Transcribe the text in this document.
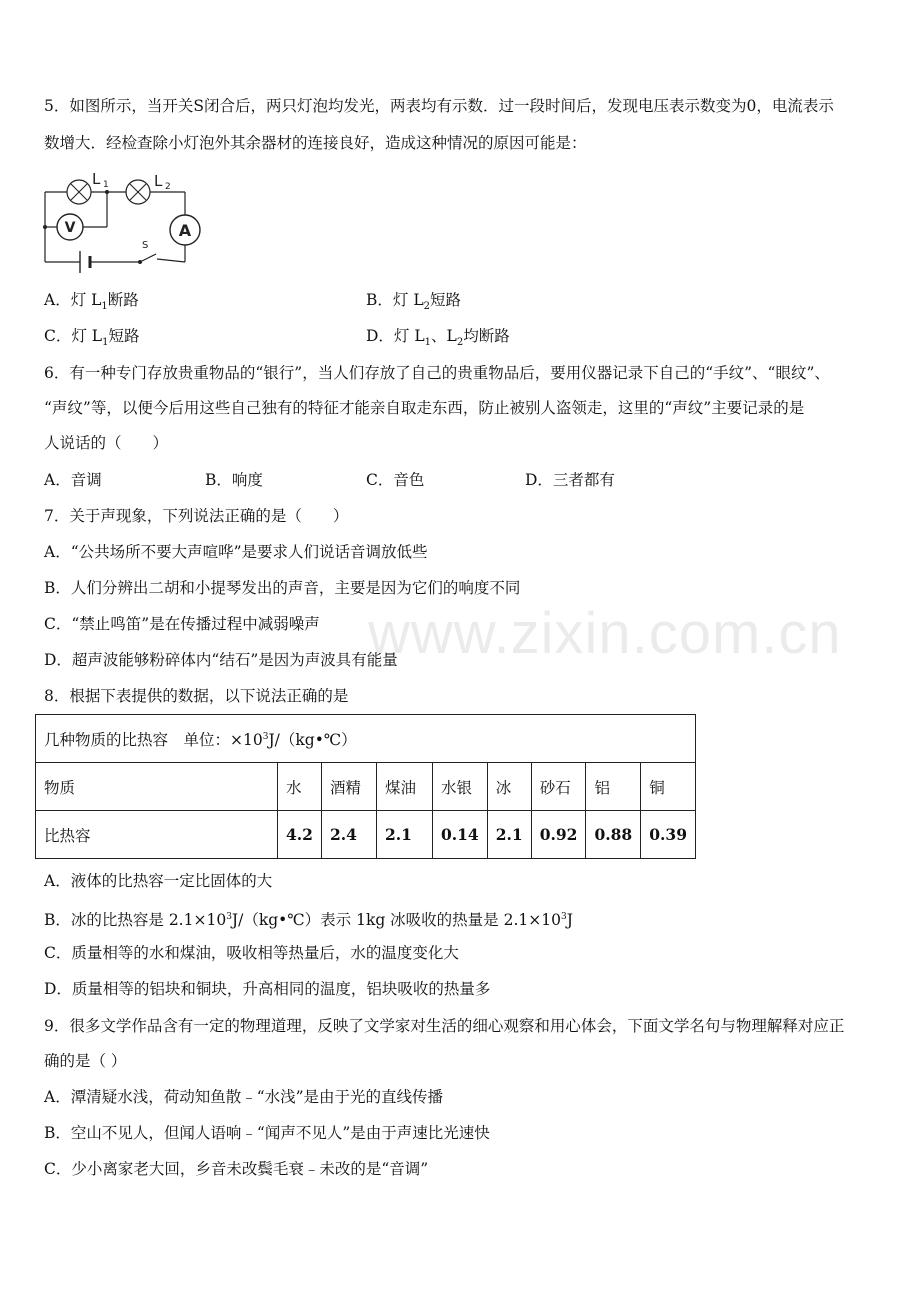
www.zixin.com.cn
5．如图所示，当开关S闭合后，两只灯泡均发光，两表均有示数．过一段时间后，发现电压表示数变为0，电流表示
数增大．经检查除小灯泡外其余器材的连接良好，造成这种情况的原因可能是：
L 1	L 2
V	A
S
A．灯 $L_1$断路	B．灯 $L_2$短路
C．灯 $L_1$短路	D．灯 $L_1$、$L_2$均断路
6．有一种专门存放贵重物品的“银行”，当人们存放了自己的贵重物品后，要用仪器记录下自己的“手纹”、“眼纹”、
“声纹”等，以便今后用这些自己独有的特征才能亲自取走东西，防止被别人盗领走，这里的“声纹”主要记录的是
人说话的（　　）
A．音调	B．响度	C．音色	D．三者都有
7．关于声现象，下列说法正确的是（　　）
A．“公共场所不要大声喧哗”是要求人们说话音调放低些
B．人们分辨出二胡和小提琴发出的声音，主要是因为它们的响度不同
C．“禁止鸣笛”是在传播过程中减弱噪声
D．超声波能够粉碎体内“结石”是因为声波具有能量
8．根据下表提供的数据，以下说法正确的是
几种物质的比热容　单位：$\times 10^3J/(kg•℃)$								
物质	水	酒精	煤油	水银	冰	砂石	铝	铜
比热容	4.2	2.4	2.1	0.14	2.1	0.92	0.88	0.39
A．液体的比热容一定比固体的大
B．冰的比热容是 $2.1\times 10^3J/(kg•℃)$表示 1kg 冰吸收的热量是 $2.1\times 10^3J$
C．质量相等的水和煤油，吸收相等热量后，水的温度变化大
D．质量相等的铝块和铜块，升高相同的温度，铝块吸收的热量多
9．很多文学作品含有一定的物理道理，反映了文学家对生活的细心观察和用心体会，下面文学名句与物理解释对应正
确的是（ ）
A．潭清疑水浅，荷动知鱼散﹣“水浅”是由于光的直线传播
B．空山不见人，但闻人语响﹣“闻声不见人”是由于声速比光速快
C．少小离家老大回，乡音未改鬓毛衰﹣未改的是“音调”
